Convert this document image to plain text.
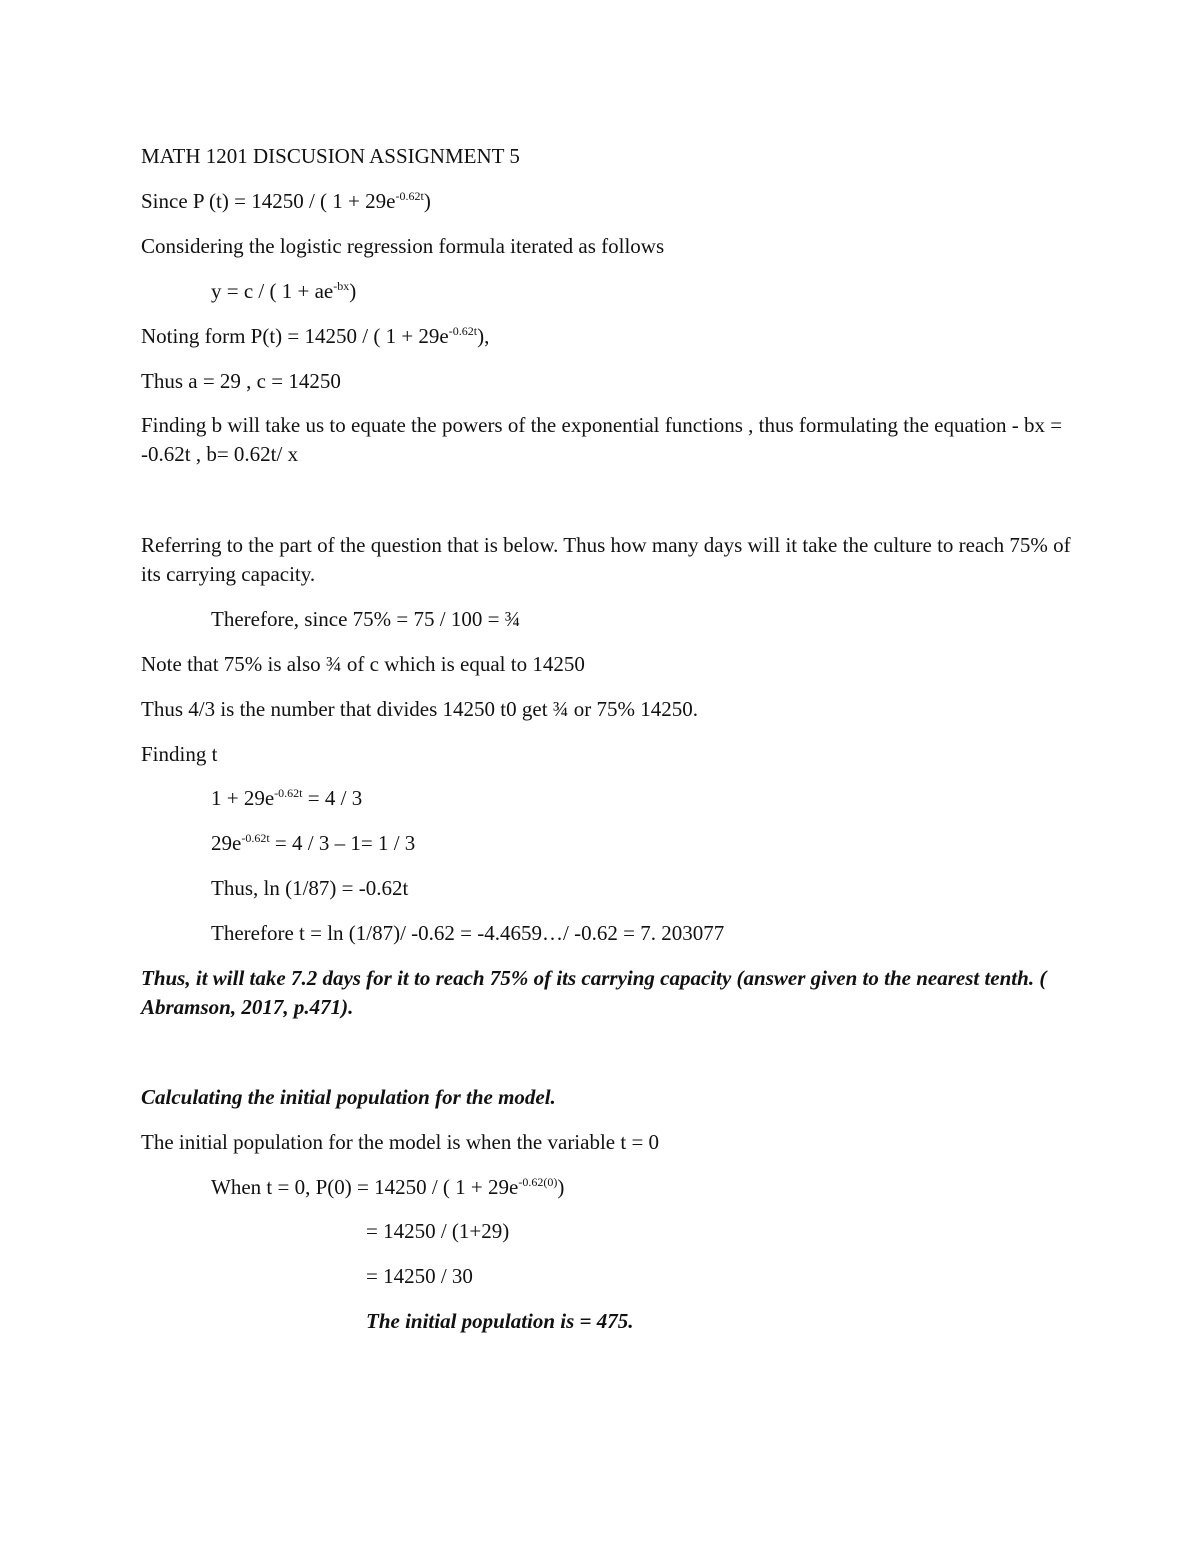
MATH 1201 DISCUSION ASSIGNMENT 5

Since P (t) = 14250 / ( $1 + 29e^{-0.62t}$)

Considering the logistic regression formula iterated as follows

y = c / ( $1 + ae^{-bx}$)

Noting form P(t) = 14250 / ( $1 + 29e^{-0.62t}$),

Thus a = 29 , c = 14250

Finding b will take us to equate the powers of the exponential functions , thus formulating the equation - bx = -0.62t , b= 0.62t/ x

Referring to the part of the question that is below. Thus how many days will it take the culture to reach 75% of its carrying capacity.

Therefore, since 75% = 75 / 100 = ¾

Note that 75% is also ¾ of c which is equal to 14250

Thus 4/3 is the number that divides 14250 t0 get ¾ or 75% 14250.

Finding t

$1 + 29e^{-0.62t} = 4 / 3$

$29e^{-0.62t} = 4 / 3 - 1= 1 / 3$

Thus, ln (1/87) = -0.62t

Therefore t = ln (1/87)/ -0.62 = -4.4659…/ -0.62 = 7. 203077

Thus, it will take 7.2 days for it to reach 75% of its carrying capacity (answer given to the nearest tenth. ( Abramson, 2017, p.471).

Calculating the initial population for the model.

The initial population for the model is when the variable t = 0

When t = 0, P(0) = 14250 / ( $1 + 29e^{-0.62(0)}$)

= 14250 / (1+29)

= 14250 / 30

The initial population is = 475.
